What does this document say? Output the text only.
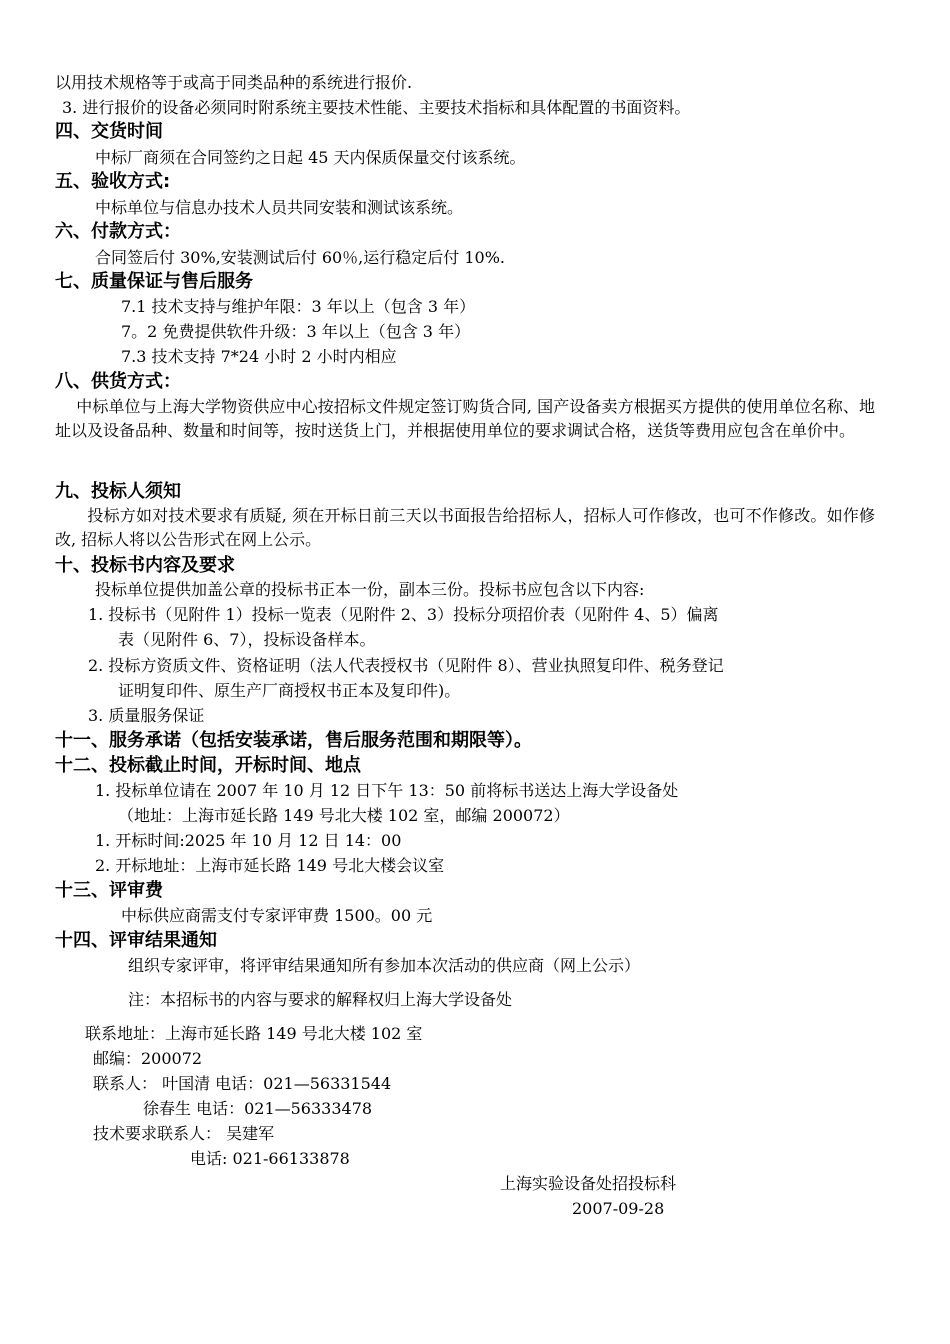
以用技术规格等于或高于同类品种的系统进行报价.
3. 进行报价的设备必须同时附系统主要技术性能、主要技术指标和具体配置的书面资料。
四、交货时间
中标厂商须在合同签约之日起 45 天内保质保量交付该系统。
五、验收方式:
中标单位与信息办技术人员共同安装和测试该系统。
六、付款方式：
合同签后付 30%,安装测试后付 60％,运行稳定后付 10%.
七、质量保证与售后服务
7.1 技术支持与维护年限：3 年以上（包含 3 年）
7。2 免费提供软件升级：3 年以上（包含 3 年）
7.3 技术支持 7*24 小时 2 小时内相应
八、供货方式：
　 中标单位与上海大学物资供应中心按招标文件规定签订购货合同, 国产设备卖方根据买方提供的使用单位名称、地址以及设备品种、数量和时间等，按时送货上门，并根据使用单位的要求调试合格，送货等费用应包含在单价中。
九、投标人须知
　　投标方如对技术要求有质疑, 须在开标日前三天以书面报告给招标人，招标人可作修改，也可不作修改。如作修改, 招标人将以公告形式在网上公示。
十、投标书内容及要求
投标单位提供加盖公章的投标书正本一份，副本三份。投标书应包含以下内容:
1. 投标书（见附件 1）投标一览表（见附件 2、3）投标分项招价表（见附件 4、5）偏离
表（见附件 6、7），投标设备样本。
2. 投标方资质文件、资格证明（法人代表授权书（见附件 8）、营业执照复印件、税务登记
证明复印件、原生产厂商授权书正本及复印件)。
3. 质量服务保证
十一、服务承诺（包括安装承诺，售后服务范围和期限等）。
十二、投标截止时间，开标时间、地点
1. 投标单位请在 2007 年 10 月 12 日下午 13：50 前将标书送达上海大学设备处
（地址：上海市延长路 149 号北大楼 102 室，邮编 200072）
1. 开标时间:2025 年 10 月 12 日 14：00
2. 开标地址：上海市延长路 149 号北大楼会议室
十三、评审费
中标供应商需支付专家评审费 1500。00 元
十四、评审结果通知
组织专家评审，将评审结果通知所有参加本次活动的供应商（网上公示）
注：本招标书的内容与要求的解释权归上海大学设备处
联系地址：上海市延长路 149 号北大楼 102 室
邮编：200072
联系人： 叶国清 电话：021—56331544
徐春生 电话：021—56333478
技术要求联系人： 吴建军
电话: 021-66133878
上海实验设备处招投标科
2007-09-28
